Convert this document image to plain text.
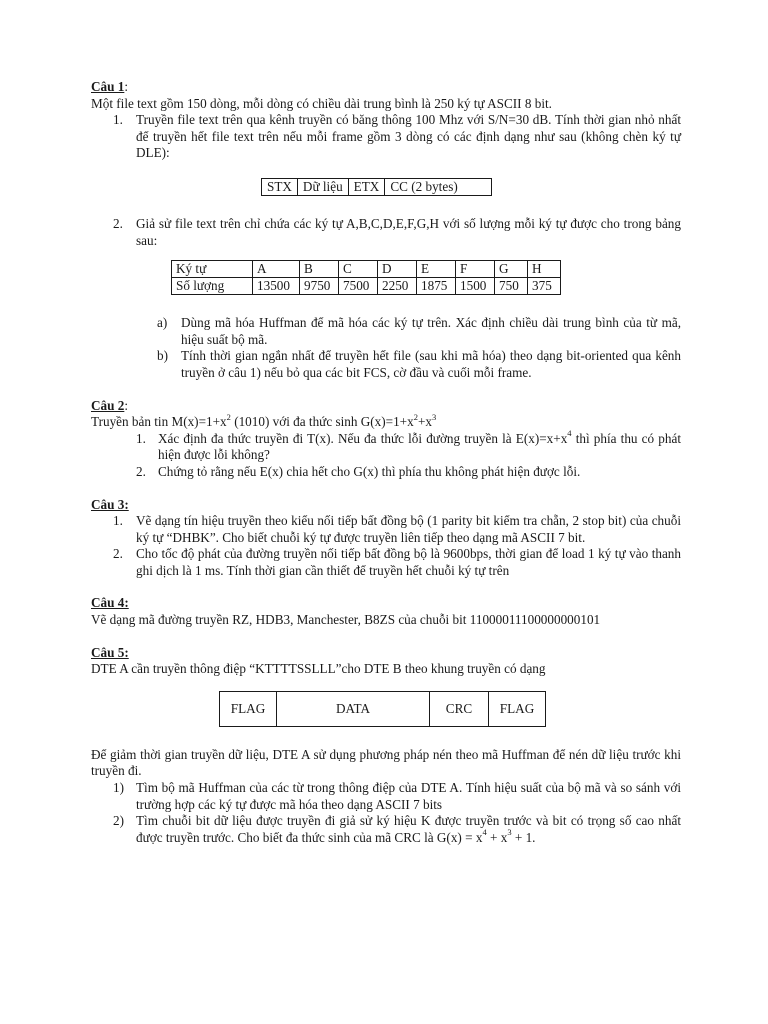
Câu 1:

Một file text gồm 150 dòng, mỗi dòng có chiều dài trung bình là 250 ký tự ASCII 8 bit.

1. Truyền file text trên qua kênh truyền có băng thông 100 Mhz với S/N=30 dB. Tính thời gian nhỏ nhất để truyền hết file text trên nếu mỗi frame gồm 3 dòng có các định dạng như sau (không chèn ký tự DLE):

STX	Dữ liệu	ETX	CC (2 bytes)

2. Giả sử file text trên chỉ chứa các ký tự A,B,C,D,E,F,G,H với số lượng mỗi ký tự được cho trong bảng sau:

Ký tự	A	B	C	D	E	F	G	H
Số lượng	13500	9750	7500	2250	1875	1500	750	375

a) Dùng mã hóa Huffman để mã hóa các ký tự trên. Xác định chiều dài trung bình của từ mã, hiệu suất bộ mã.

b) Tính thời gian ngắn nhất để truyền hết file (sau khi mã hóa) theo dạng bit-oriented qua kênh truyền ở câu 1) nếu bỏ qua các bit FCS, cờ đầu và cuối mỗi frame.

Câu 2:

Truyền bản tin $M(x)=1+x^2$ (1010) với đa thức $\sinh G(x)=1+x^2+x^3$

1. Xác định đa thức truyền đi T(x). Nếu đa thức lỗi đường truyền là $E(x)=x+x^4$ thì phía thu có phát hiện được lỗi không?

2. Chứng tỏ rằng nếu E(x) chia hết cho G(x) thì phía thu không phát hiện được lỗi.

Câu 3:

1. Vẽ dạng tín hiệu truyền theo kiểu nối tiếp bất đồng bộ (1 parity bit kiểm tra chẵn, 2 stop bit) của chuỗi ký tự “DHBK”. Cho biết chuỗi ký tự được truyền liên tiếp theo dạng mã ASCII 7 bit.

2. Cho tốc độ phát của đường truyền nối tiếp bất đồng bộ là 9600bps, thời gian để load 1 ký tự vào thanh ghi dịch là 1 ms. Tính thời gian cần thiết để truyền hết chuỗi ký tự trên

Câu 4:

Vẽ dạng mã đường truyền RZ, HDB3, Manchester, B8ZS của chuỗi bit 11000011100000000101

Câu 5:

DTE A cần truyền thông điệp “KTTTTSSLLL”cho DTE B theo khung truyền có dạng

FLAG	DATA	CRC	FLAG

Để giảm thời gian truyền dữ liệu, DTE A sử dụng phương pháp nén theo mã Huffman để nén dữ liệu trước khi truyền đi.

1) Tìm bộ mã Huffman của các từ trong thông điệp của DTE A. Tính hiệu suất của bộ mã và so sánh với trường hợp các ký tự được mã hóa theo dạng ASCII 7 bits

2) Tìm chuỗi bit dữ liệu được truyền đi giả sử ký hiệu K được truyền trước và bit có trọng số cao nhất được truyền trước. Cho biết đa thức sinh của mã CRC là $G(x) = x^4 + x^3 + 1$.
